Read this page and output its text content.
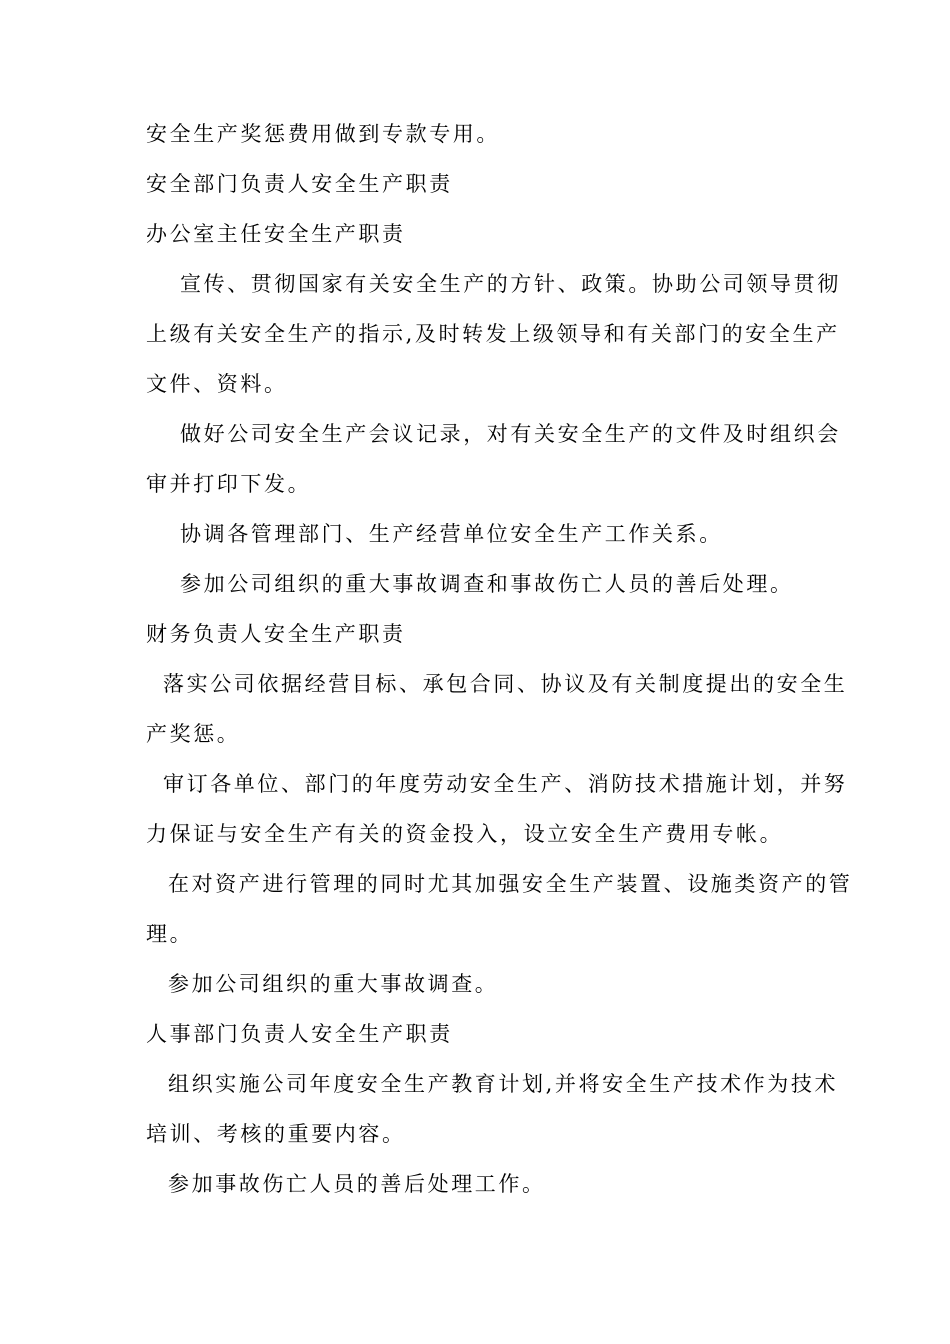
安全生产奖惩费用做到专款专用。
安全部门负责人安全生产职责
办公室主任安全生产职责
宣传、贯彻国家有关安全生产的方针、政策。协助公司领导贯彻
上级有关安全生产的指示,及时转发上级领导和有关部门的安全生产
文件、资料。
做好公司安全生产会议记录，对有关安全生产的文件及时组织会
审并打印下发。
协调各管理部门、生产经营单位安全生产工作关系。
参加公司组织的重大事故调查和事故伤亡人员的善后处理。
财务负责人安全生产职责
落实公司依据经营目标、承包合同、协议及有关制度提出的安全生
产奖惩。
审订各单位、部门的年度劳动安全生产、消防技术措施计划，并努
力保证与安全生产有关的资金投入，设立安全生产费用专帐。
在对资产进行管理的同时尤其加强安全生产装置、设施类资产的管
理。
参加公司组织的重大事故调查。
人事部门负责人安全生产职责
组织实施公司年度安全生产教育计划,并将安全生产技术作为技术
培训、考核的重要内容。
参加事故伤亡人员的善后处理工作。
